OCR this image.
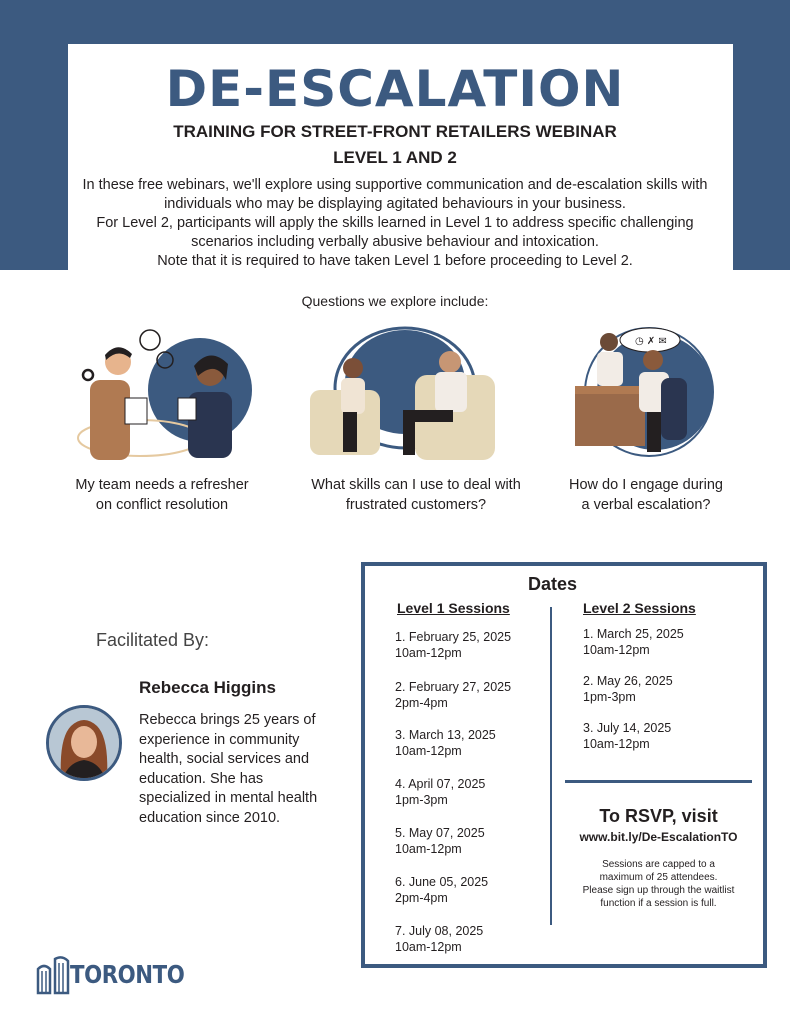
DE-ESCALATION
TRAINING FOR STREET-FRONT RETAILERS WEBINAR
LEVEL 1 AND 2
In these free webinars, we'll explore using supportive communication and de-escalation skills with
individuals who may be displaying agitated behaviours in your business.
For Level 2, participants will apply the skills learned in Level 1 to address specific challenging
scenarios including verbally abusive behaviour and intoxication.
Note that it is required to have taken Level 1 before proceeding to Level 2.
Questions we explore include:
My team needs a refresher
on conflict resolution
What skills can I use to deal with
frustrated customers?
◷ ✗ ✉
How do I engage during
a verbal escalation?
Facilitated By:
Rebecca Higgins
Rebecca brings 25 years of
experience in community
health, social services and
education. She has
specialized in mental health
education since 2010.
Dates
Level 1 Sessions	Level 2 Sessions
1. February 25, 2025
10am-12pm
2. February 27, 2025
2pm-4pm
3. March 13, 2025
10am-12pm
4. April 07, 2025
1pm-3pm
5. May 07, 2025
10am-12pm
6. June 05, 2025
2pm-4pm
7. July 08, 2025
10am-12pm
1. March 25, 2025
10am-12pm
2. May 26, 2025
1pm-3pm
3. July 14, 2025
10am-12pm
To RSVP, visit
www.bit.ly/De-EscalationTO
Sessions are capped to a
maximum of 25 attendees.
Please sign up through the waitlist
function if a session is full.
TORONTO
